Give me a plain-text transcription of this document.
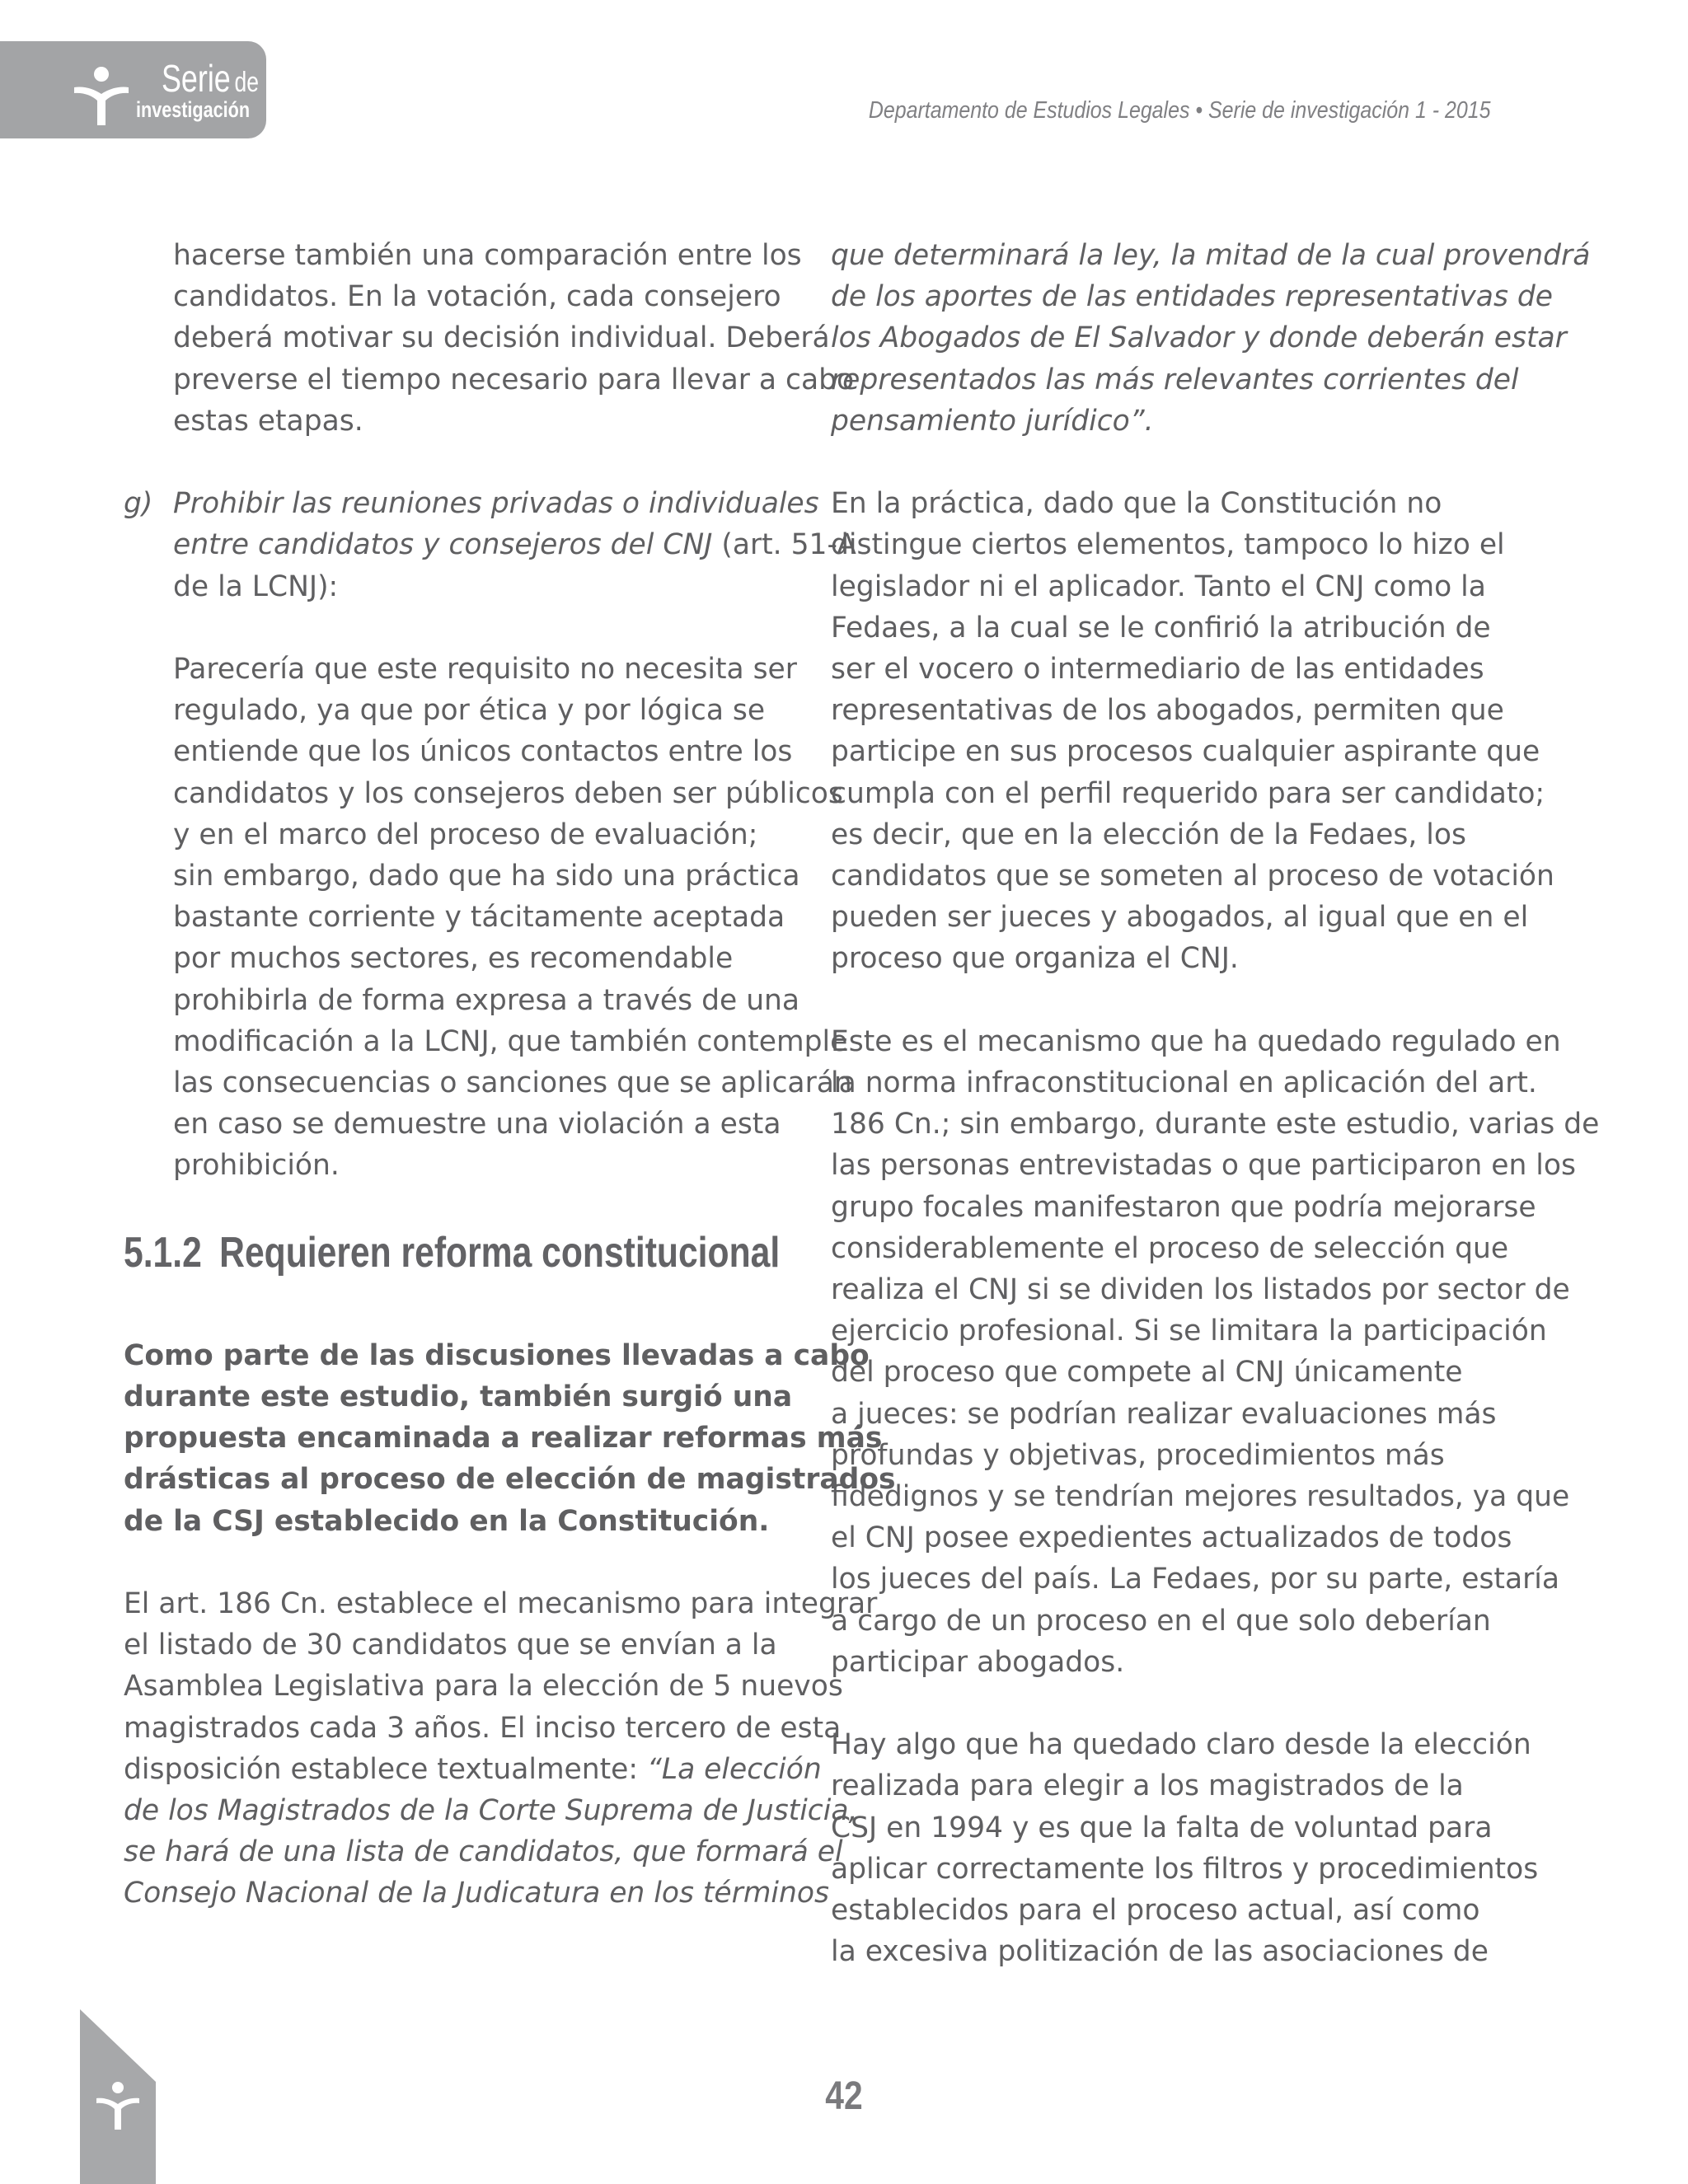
Serie de
investigación	Departamento de Estudios Legales • Serie de investigación 1 - 2015
hacerse también una comparación entre los
candidatos. En la votación, cada consejero
deberá motivar su decisión individual. Deberá
preverse el tiempo necesario para llevar a cabo
estas etapas.
g) Prohibir las reuniones privadas o individuales
entre candidatos y consejeros del CNJ (art. 51-A
de la LCNJ):
Parecería que este requisito no necesita ser
regulado, ya que por ética y por lógica se
entiende que los únicos contactos entre los
candidatos y los consejeros deben ser públicos
y en el marco del proceso de evaluación;
sin embargo, dado que ha sido una práctica
bastante corriente y tácitamente aceptada
por muchos sectores, es recomendable
prohibirla de forma expresa a través de una
modificación a la LCNJ, que también contemple
las consecuencias o sanciones que se aplicarán
en caso se demuestre una violación a esta
prohibición.
5.1.2 Requieren reforma constitucional
Como parte de las discusiones llevadas a cabo
durante este estudio, también surgió una
propuesta encaminada a realizar reformas más
drásticas al proceso de elección de magistrados
de la CSJ establecido en la Constitución.
El art. 186 Cn. establece el mecanismo para integrar
el listado de 30 candidatos que se envían a la
Asamblea Legislativa para la elección de 5 nuevos
magistrados cada 3 años. El inciso tercero de esta
disposición establece textualmente: “La elección
de los Magistrados de la Corte Suprema de Justicia,
se hará de una lista de candidatos, que formará el
Consejo Nacional de la Judicatura en los términos
que determinará la ley, la mitad de la cual provendrá
de los aportes de las entidades representativas de
los Abogados de El Salvador y donde deberán estar
representados las más relevantes corrientes del
pensamiento jurídico”.
En la práctica, dado que la Constitución no
distingue ciertos elementos, tampoco lo hizo el
legislador ni el aplicador. Tanto el CNJ como la
Fedaes, a la cual se le confirió la atribución de
ser el vocero o intermediario de las entidades
representativas de los abogados, permiten que
participe en sus procesos cualquier aspirante que
cumpla con el perfil requerido para ser candidato;
es decir, que en la elección de la Fedaes, los
candidatos que se someten al proceso de votación
pueden ser jueces y abogados, al igual que en el
proceso que organiza el CNJ.
Este es el mecanismo que ha quedado regulado en
la norma infraconstitucional en aplicación del art.
186 Cn.; sin embargo, durante este estudio, varias de
las personas entrevistadas o que participaron en los
grupo focales manifestaron que podría mejorarse
considerablemente el proceso de selección que
realiza el CNJ si se dividen los listados por sector de
ejercicio profesional. Si se limitara la participación
del proceso que compete al CNJ únicamente
a jueces: se podrían realizar evaluaciones más
profundas y objetivas, procedimientos más
fidedignos y se tendrían mejores resultados, ya que
el CNJ posee expedientes actualizados de todos
los jueces del país. La Fedaes, por su parte, estaría
a cargo de un proceso en el que solo deberían
participar abogados.
Hay algo que ha quedado claro desde la elección
realizada para elegir a los magistrados de la
CSJ en 1994 y es que la falta de voluntad para
aplicar correctamente los filtros y procedimientos
establecidos para el proceso actual, así como
la excesiva politización de las asociaciones de
42
